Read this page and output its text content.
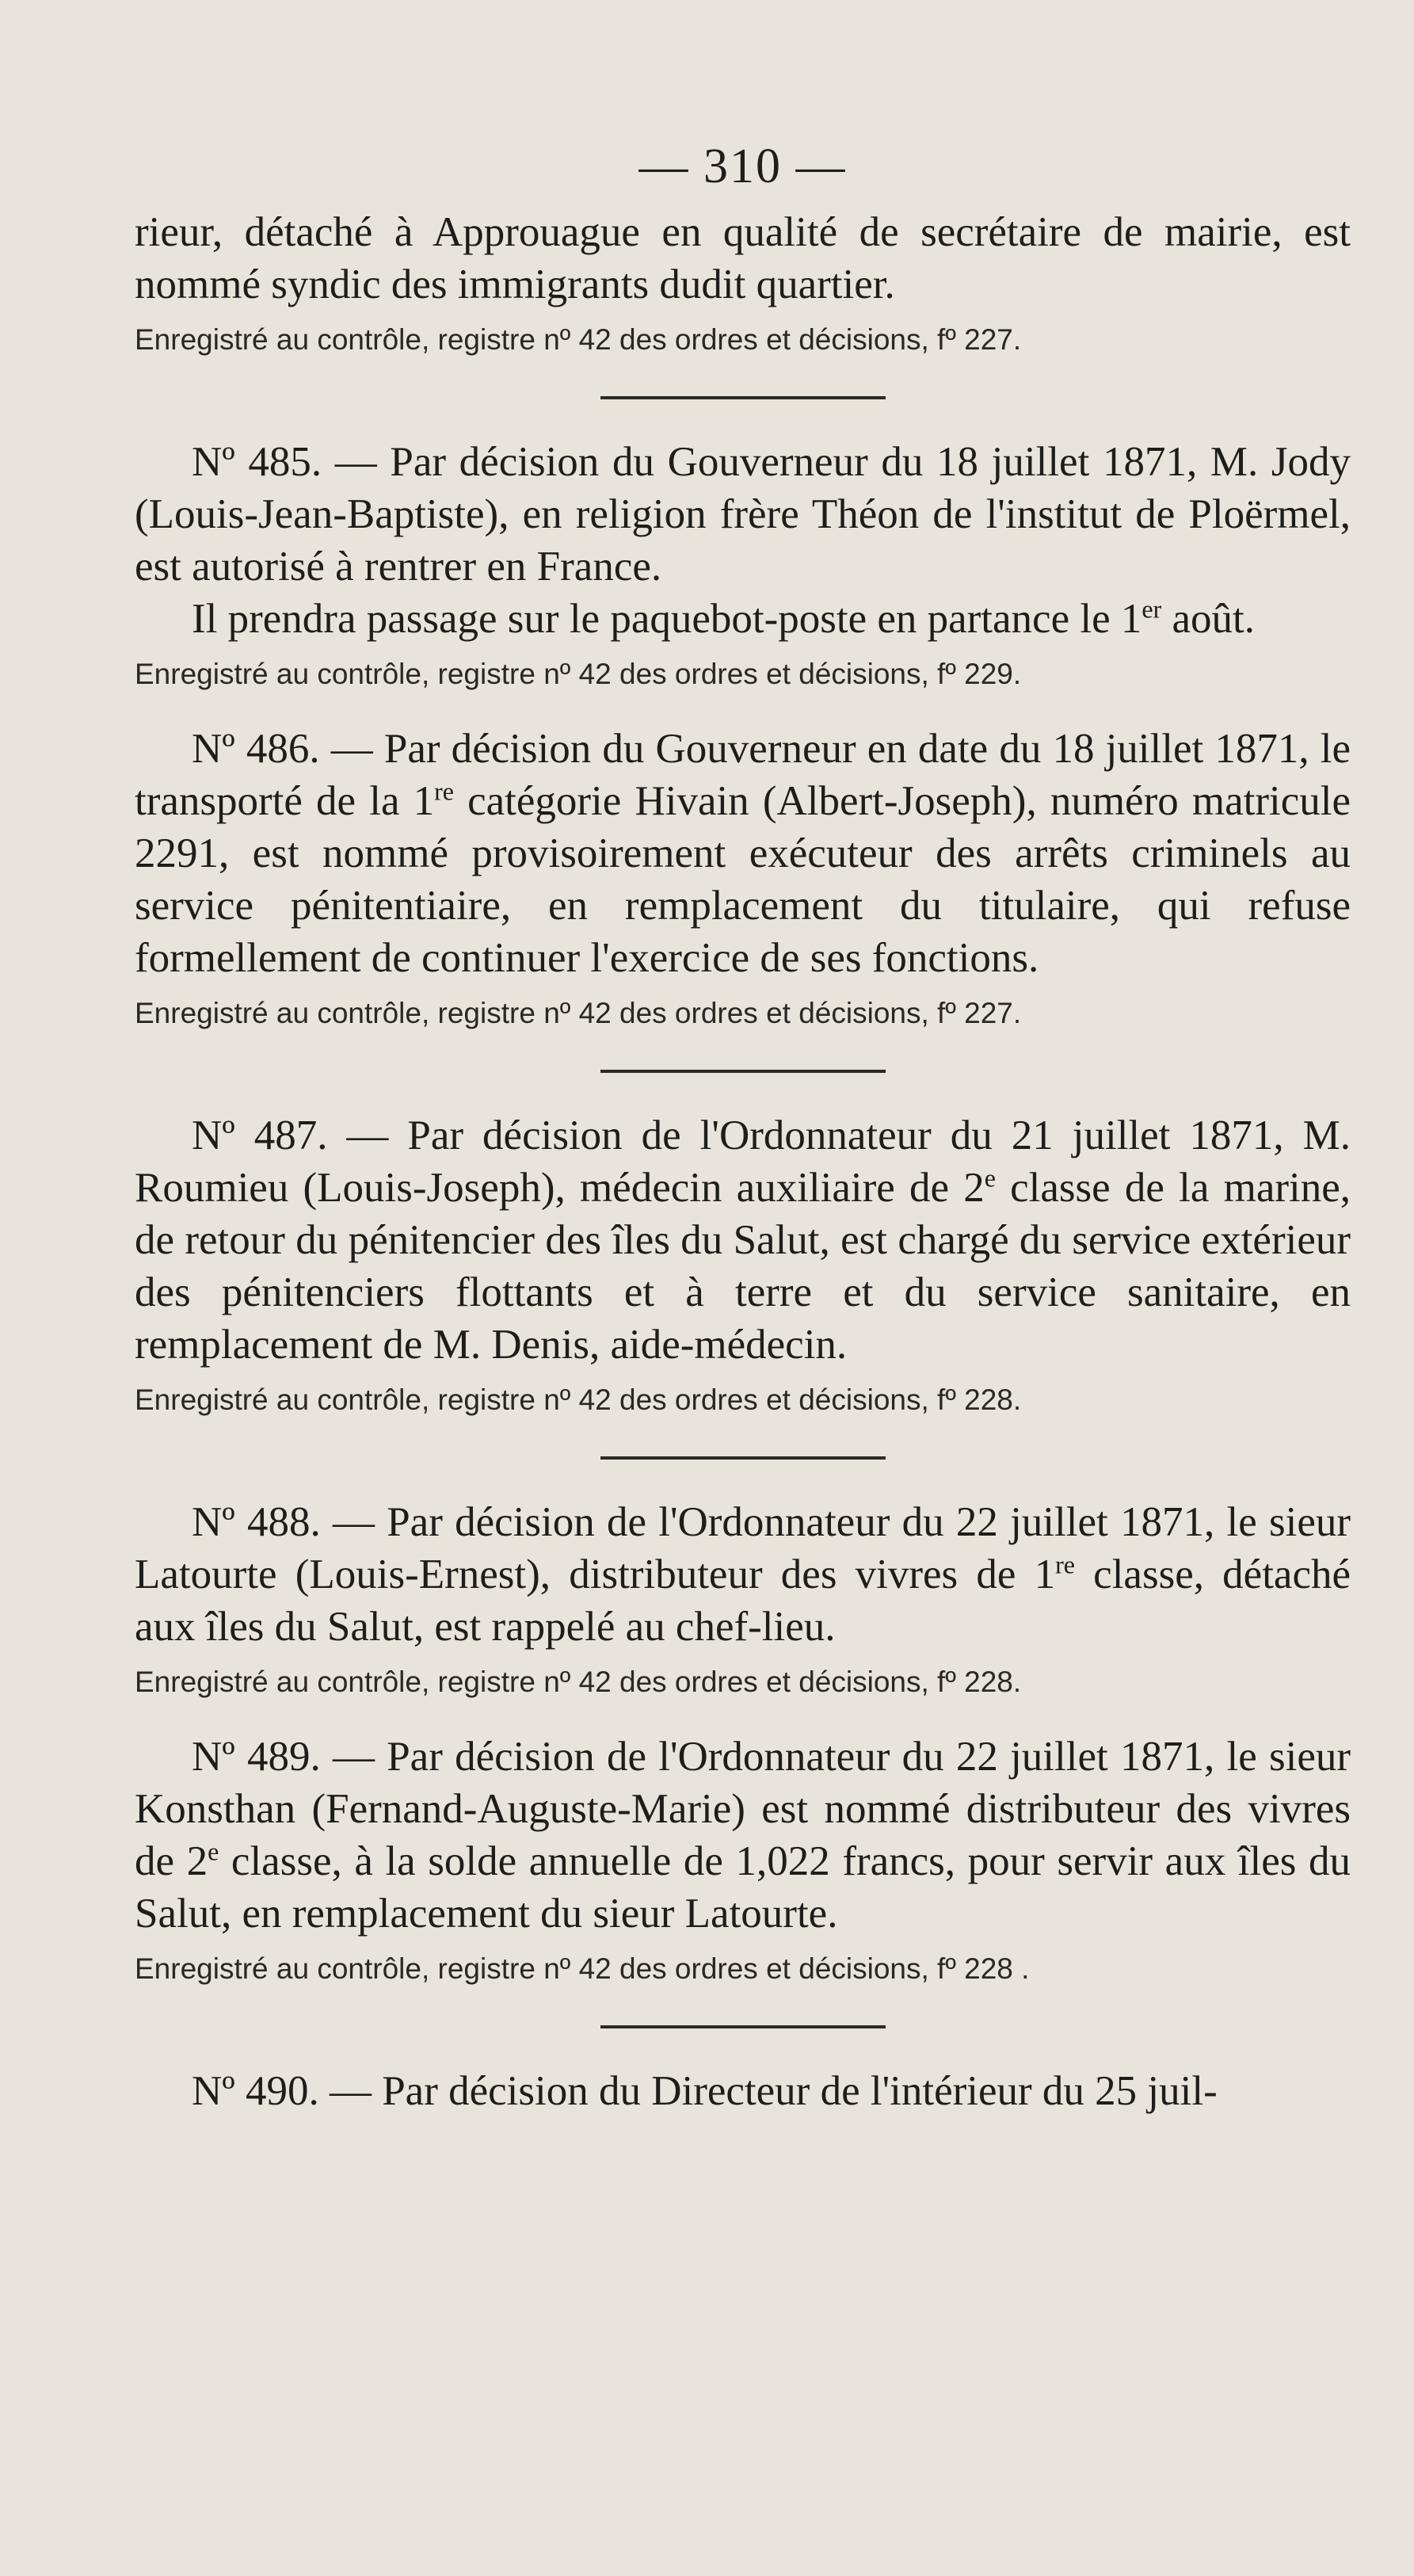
— 310 —

rieur, détaché à Approuague en qualité de secrétaire de mairie, est nommé syndic des immigrants dudit quartier.

Enregistré au contrôle, registre nº 42 des ordres et décisions, fº 227.

Nº 485. — Par décision du Gouverneur du 18 juillet 1871, M. Jody (Louis-Jean-Baptiste), en religion frère Théon de l'institut de Ploërmel, est autorisé à rentrer en France.

Il prendra passage sur le paquebot-poste en partance le 1er août.

Enregistré au contrôle, registre nº 42 des ordres et décisions, fº 229.

Nº 486. — Par décision du Gouverneur en date du 18 juillet 1871, le transporté de la 1re catégorie Hivain (Albert-Joseph), numéro matricule 2291, est nommé provisoirement exécuteur des arrêts criminels au service pénitentiaire, en remplacement du titulaire, qui refuse formellement de continuer l'exercice de ses fonctions.

Enregistré au contrôle, registre nº 42 des ordres et décisions, fº 227.

Nº 487. — Par décision de l'Ordonnateur du 21 juillet 1871, M. Roumieu (Louis-Joseph), médecin auxiliaire de 2e classe de la marine, de retour du pénitencier des îles du Salut, est chargé du service extérieur des pénitenciers flottants et à terre et du service sanitaire, en remplacement de M. Denis, aide-médecin.

Enregistré au contrôle, registre nº 42 des ordres et décisions, fº 228.

Nº 488. — Par décision de l'Ordonnateur du 22 juillet 1871, le sieur Latourte (Louis-Ernest), distributeur des vivres de 1re classe, détaché aux îles du Salut, est rappelé au chef-lieu.

Enregistré au contrôle, registre nº 42 des ordres et décisions, fº 228.

Nº 489. — Par décision de l'Ordonnateur du 22 juillet 1871, le sieur Konsthan (Fernand-Auguste-Marie) est nommé distributeur des vivres de 2e classe, à la solde annuelle de 1,022 francs, pour servir aux îles du Salut, en remplacement du sieur Latourte.

Enregistré au contrôle, registre nº 42 des ordres et décisions, fº 228 .

Nº 490. — Par décision du Directeur de l'intérieur du 25 juil-
